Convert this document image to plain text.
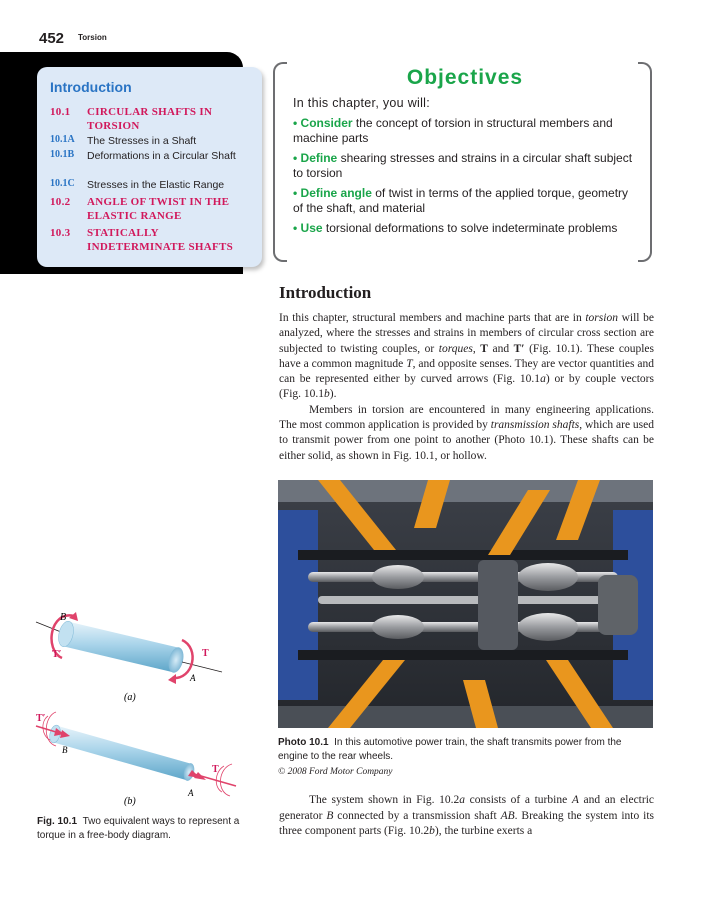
452 Torsion
Introduction
10.1 CIRCULAR SHAFTS IN TORSION
10.1A The Stresses in a Shaft
10.1B Deformations in a Circular Shaft
10.1C Stresses in the Elastic Range
10.2 ANGLE OF TWIST IN THE ELASTIC RANGE
10.3 STATICALLY INDETERMINATE SHAFTS
Objectives
In this chapter, you will:
• Consider the concept of torsion in structural members and machine parts
• Define shearing stresses and strains in a circular shaft subject to torsion
• Define angle of twist in terms of the applied torque, geometry of the shaft, and material
• Use torsional deformations to solve indeterminate problems
Introduction

In this chapter, structural members and machine parts that are in torsion will be analyzed, where the stresses and strains in members of circular cross section are subjected to twisting couples, or torques, T and T′ (Fig. 10.1). These couples have a common magnitude T, and opposite senses. They are vector quantities and can be represented either by curved arrows (Fig. 10.1a) or by couple vectors (Fig. 10.1b).

Members in torsion are encountered in many engineering applications. The most common application is provided by transmission shafts, which are used to transmit power from one point to another (Photo 10.1). These shafts can be either solid, as shown in Fig. 10.1, or hollow.

Photo 10.1 In this automotive power train, the shaft transmits power from the engine to the rear wheels.
© 2008 Ford Motor Company
B
T′	T
A
(a)
T′
B
T
A
(b)
Fig. 10.1 Two equivalent ways to represent a torque in a free-body diagram.

The system shown in Fig. 10.2a consists of a turbine A and an electric generator B connected by a transmission shaft AB. Breaking the system into its three component parts (Fig. 10.2b), the turbine exerts a
